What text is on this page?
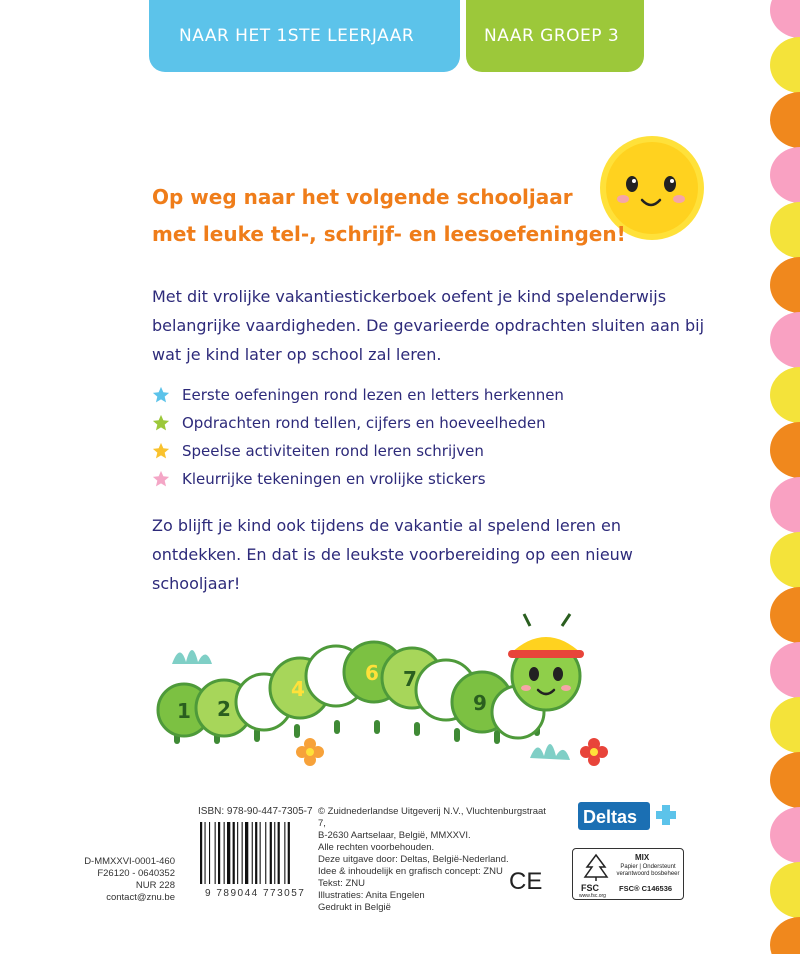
NAAR HET 1STE LEERJAAR	NAAR GROEP 3
Op weg naar het volgende schooljaar
met leuke tel-, schrijf- en leesoefeningen!
Met dit vrolijke vakantiestickerboek oefent je kind spelenderwijs belangrijke vaardigheden. De gevarieerde opdrachten sluiten aan bij wat je kind later op school zal leren.
Eerste oefeningen rond lezen en letters herkennen
Opdrachten rond tellen, cijfers en hoeveelheden
Speelse activiteiten rond leren schrijven
Kleurrijke tekeningen en vrolijke stickers
Zo blijft je kind ook tijdens de vakantie al spelend leren en ontdekken. En dat is de leukste voorbereiding op een nieuw schooljaar!
1 2
4
6 7
9
ISBN: 978-90-447-7305-7
9 789044 773057
D-MMXXVI-0001-460
F26120 - 0640352
NUR 228
contact@znu.be
© Zuidnederlandse Uitgeverij N.V., Vluchtenburgstraat 7,
B-2630 Aartselaar, België, MMXXVI.
Alle rechten voorbehouden.
Deze uitgave door: Deltas, België-Nederland.
Idee & inhoudelijk en grafisch concept: ZNU
Tekst: ZNU
Illustraties: Anita Engelen
Gedrukt in België
Deltas
CE	FSC
www.fsc.org
MIX
Papier | Ondersteunt verantwoord bosbeheer
FSC® C146536
